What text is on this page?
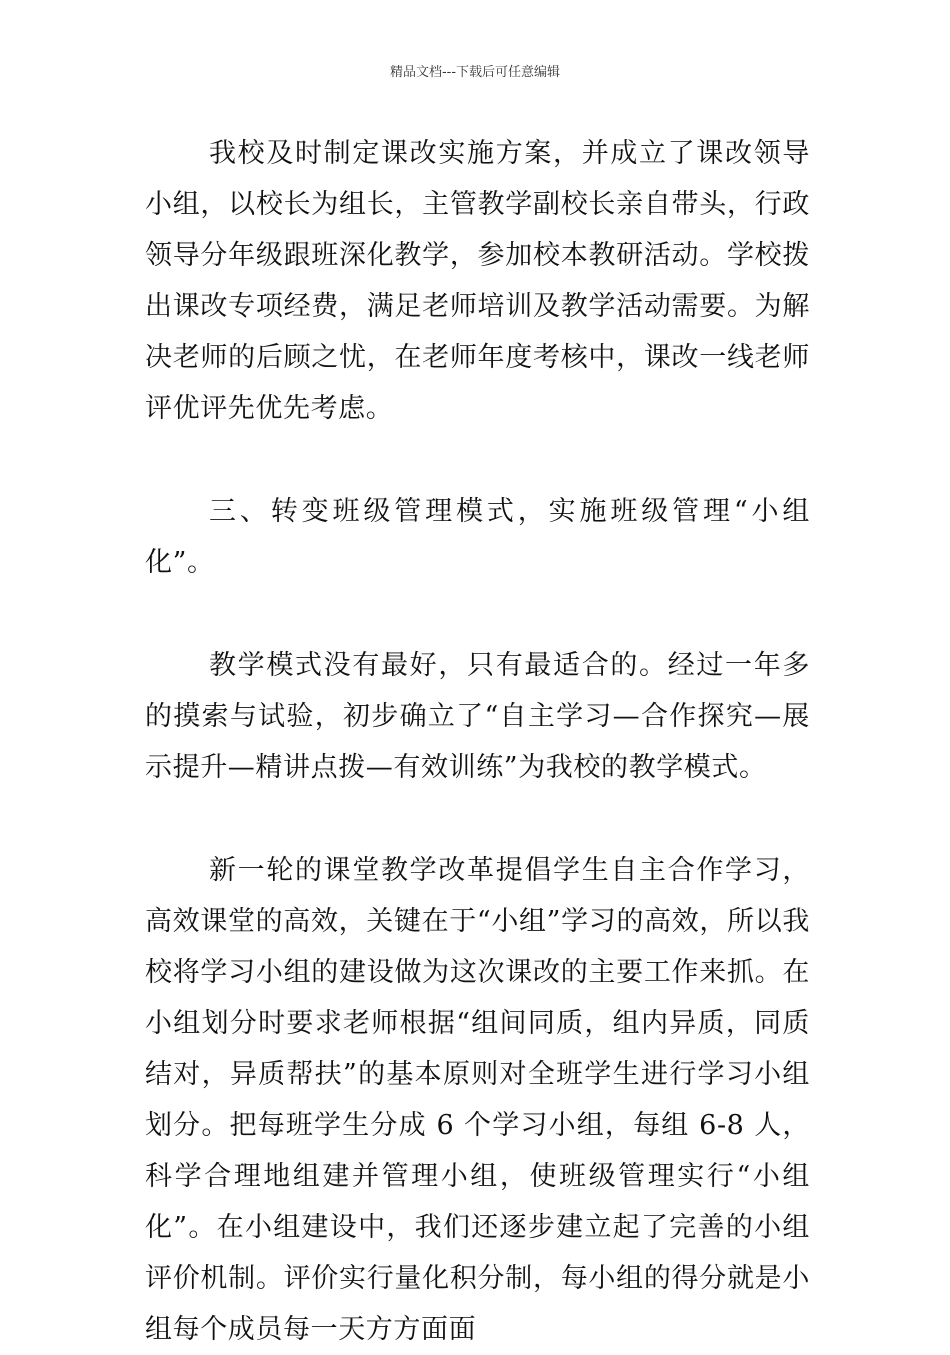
精品文档---下载后可任意编辑

我校及时制定课改实施方案，并成立了课改领导小组，以校长为组长，主管教学副校长亲自带头，行政领导分年级跟班深化教学，参加校本教研活动。学校拨出课改专项经费，满足老师培训及教学活动需要。为解决老师的后顾之忧，在老师年度考核中，课改一线老师评优评先优先考虑。

三、转变班级管理模式，实施班级管理“小组化”。

教学模式没有最好，只有最适合的。经过一年多的摸索与试验，初步确立了“自主学习—合作探究—展示提升—精讲点拨—有效训练”为我校的教学模式。

新一轮的课堂教学改革提倡学生自主合作学习，高效课堂的高效，关键在于“小组”学习的高效，所以我校将学习小组的建设做为这次课改的主要工作来抓。在小组划分时要求老师根据“组间同质，组内异质，同质结对，异质帮扶”的基本原则对全班学生进行学习小组划分。把每班学生分成 6 个学习小组，每组 6-8 人，科学合理地组建并管理小组，使班级管理实行“小组化”。在小组建设中，我们还逐步建立起了完善的小组评价机制。评价实行量化积分制，每小组的得分就是小组每个成员每一天方方面面
